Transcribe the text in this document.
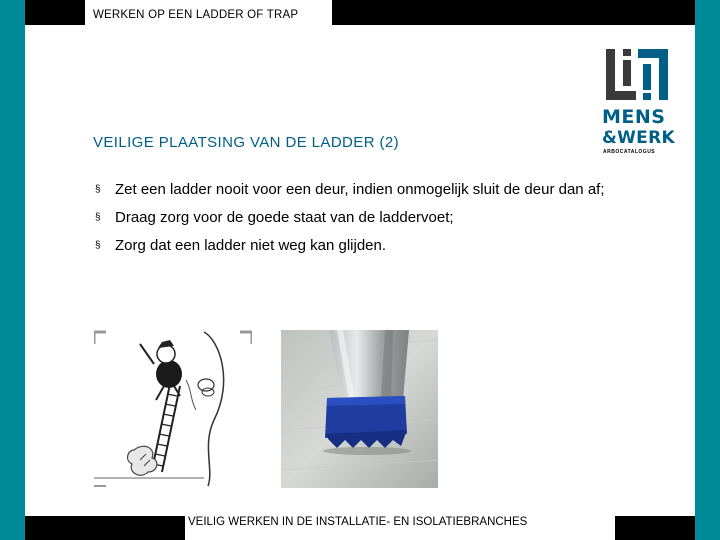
WERKEN OP EEN LADDER OF TRAP
VEILIGE PLAATSING VAN DE LADDER (2)
§ Zet een ladder nooit voor een deur, indien onmogelijk sluit de deur dan af;
§ Draag zorg voor de goede staat van de laddervoet;
§ Zorg dat een ladder niet weg kan glijden.
MENS
&WERK
ARBOCATALOGUS
VEILIG WERKEN IN DE INSTALLATIE- EN ISOLATIEBRANCHES
